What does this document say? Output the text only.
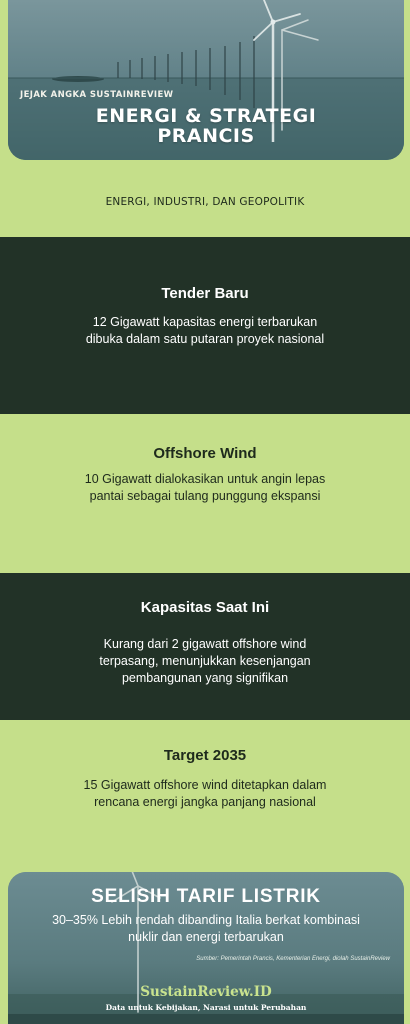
JEJAK ANGKA SUSTAINREVIEW
ENERGI & STRATEGI
PRANCIS
ENERGI, INDUSTRI, DAN GEOPOLITIK
Tender Baru

12 Gigawatt kapasitas energi terbarukan dibuka dalam satu putaran proyek nasional

Offshore Wind

10 Gigawatt dialokasikan untuk angin lepas pantai sebagai tulang punggung ekspansi

Kapasitas Saat Ini

Kurang dari 2 gigawatt offshore wind terpasang, menunjukkan kesenjangan pembangunan yang signifikan

Target 2035

15 Gigawatt offshore wind ditetapkan dalam rencana energi jangka panjang nasional

SELISIH TARIF LISTRIK
30–35% Lebih rendah dibanding Italia berkat kombinasi nuklir dan energi terbarukan
Sumber: Pemerintah Prancis, Kementerian Energi, diolah SustainReview
SustainReview.ID
Data untuk Kebijakan, Narasi untuk Perubahan
